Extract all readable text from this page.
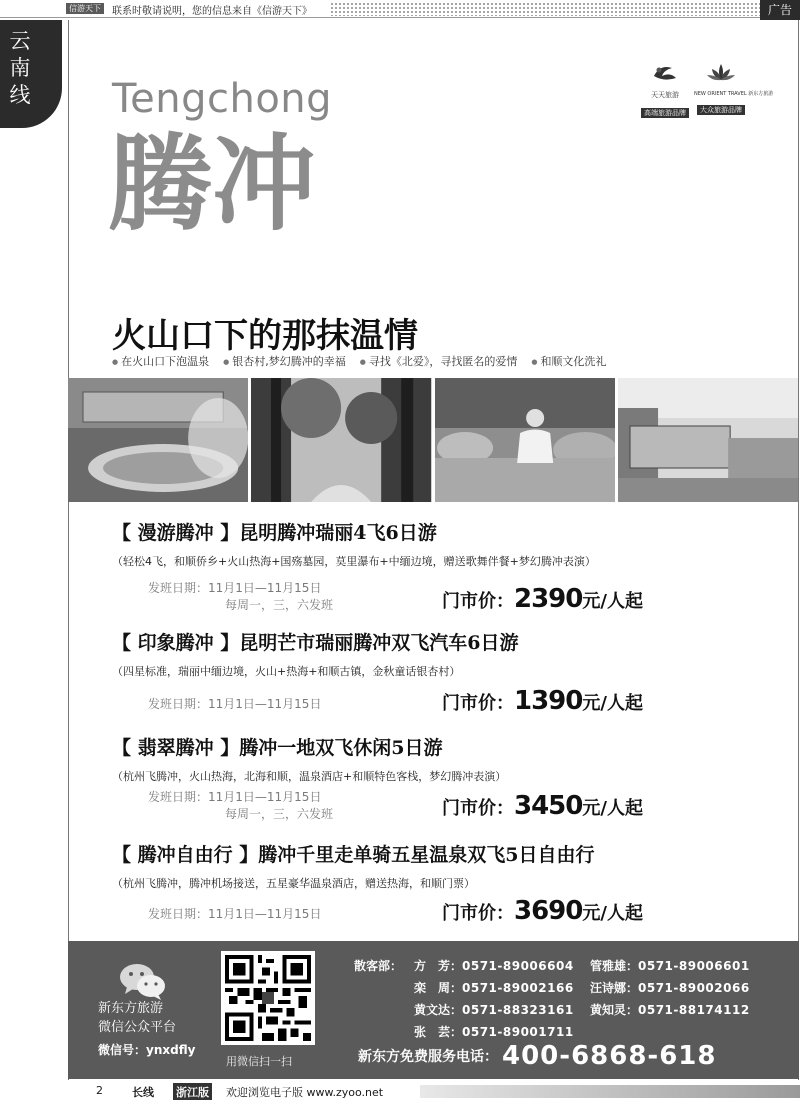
信游天下	联系时敬请说明，您的信息来自《信游天下》	广告
云南线 Tengchong
腾冲
天天旅游
高端旅游品牌
NEW ORIENT TRAVEL 新东方旅游
大众旅游品牌
火山口下的那抹温情
● 在火山口下泡温泉	● 银杏村,梦幻腾冲的幸福	● 寻找《北爱》，寻找匿名的爱情	● 和顺文化洗礼
【 漫游腾冲 】昆明腾冲瑞丽4飞6日游
（轻松4飞，和顺侨乡+火山热海+国殇墓园，莫里瀑布+中缅边境，赠送歌舞伴餐+梦幻腾冲表演）
发班日期：11月1日—11月15日
每周一，三，六发班	门市价：2390元/人起
【 印象腾冲 】昆明芒市瑞丽腾冲双飞汽车6日游
（四星标准，瑞丽中缅边境，火山+热海+和顺古镇，金秋童话银杏村）
发班日期：11月1日—11月15日	门市价：1390元/人起
【 翡翠腾冲 】腾冲一地双飞休闲5日游
（杭州飞腾冲，火山热海，北海和顺，温泉酒店+和顺特色客栈，梦幻腾冲表演）
发班日期：11月1日—11月15日
每周一，三，六发班	门市价：3450元/人起
【 腾冲自由行 】腾冲千里走单骑五星温泉双飞5日自由行
（杭州飞腾冲，腾冲机场接送，五星豪华温泉酒店，赠送热海，和顺门票）
发班日期：11月1日—11月15日	门市价：3690元/人起
新东方旅游
微信公众平台
微信号：ynxdfly
用微信扫一扫
散客部： 方　芳： 0571-89006604	管雅雄： 0571-89006601
栾　周： 0571-89002166	汪诗娜： 0571-89002066
黄文达： 0571-88323161	黄知灵： 0571-88174112
张　芸： 0571-89001711
新东方免费服务电话： 400-6868-618
2	长线 浙江版 欢迎浏览电子版 www.zyoo.net
